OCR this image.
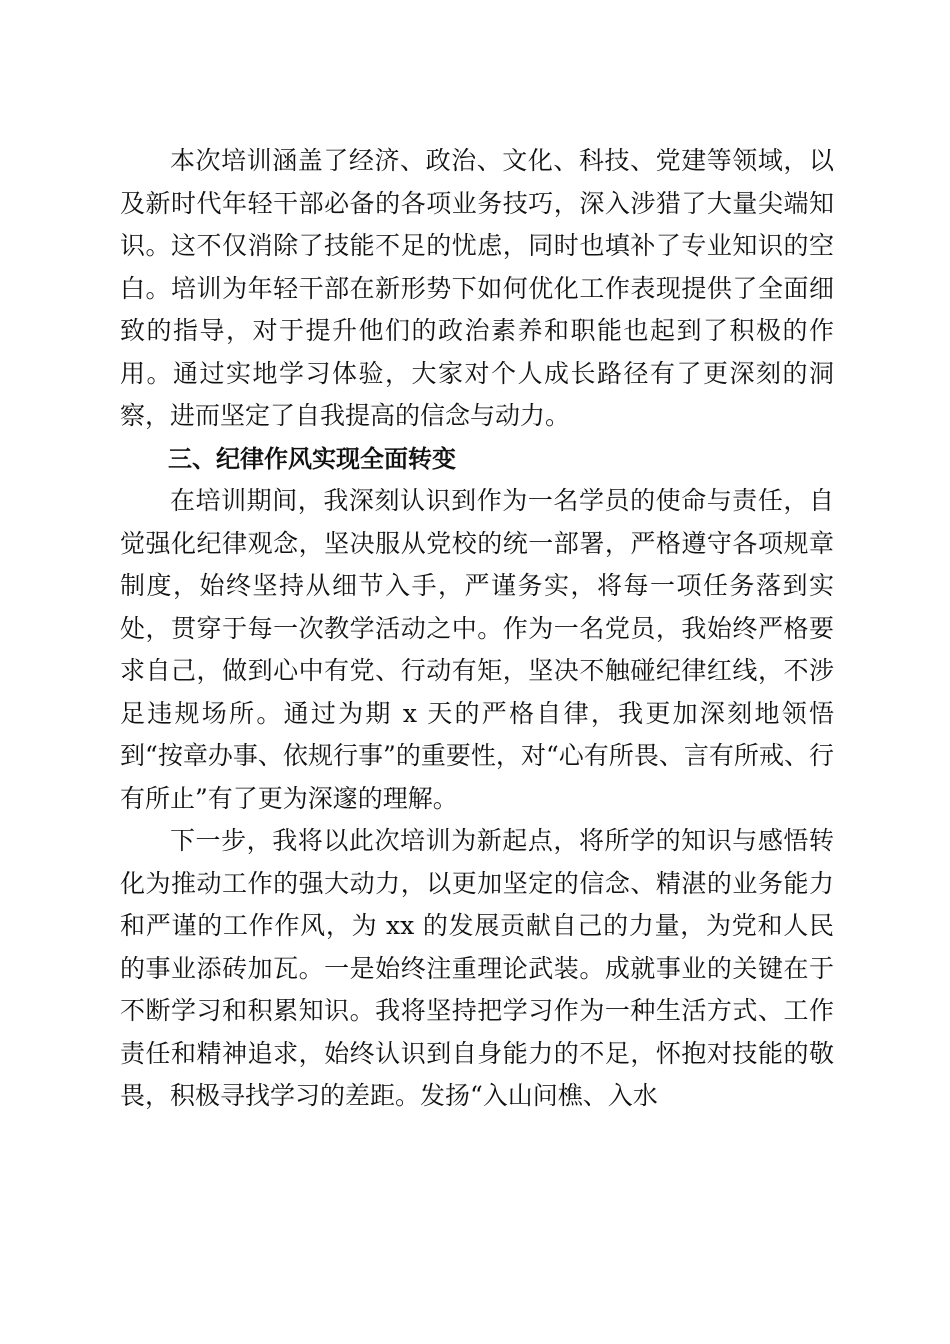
本次培训涵盖了经济、政治、文化、科技、党建等领域，以及新时代年轻干部必备的各项业务技巧，深入涉猎了大量尖端知识。这不仅消除了技能不足的忧虑，同时也填补了专业知识的空白。培训为年轻干部在新形势下如何优化工作表现提供了全面细致的指导，对于提升他们的政治素养和职能也起到了积极的作用。通过实地学习体验，大家对个人成长路径有了更深刻的洞察，进而坚定了自我提高的信念与动力。

三、纪律作风实现全面转变

在培训期间，我深刻认识到作为一名学员的使命与责任，自觉强化纪律观念，坚决服从党校的统一部署，严格遵守各项规章制度，始终坚持从细节入手，严谨务实，将每一项任务落到实处，贯穿于每一次教学活动之中。作为一名党员，我始终严格要求自己，做到心中有党、行动有矩，坚决不触碰纪律红线，不涉足违规场所。通过为期 x 天的严格自律，我更加深刻地领悟到“按章办事、依规行事”的重要性，对“心有所畏、言有所戒、行有所止”有了更为深邃的理解。

下一步，我将以此次培训为新起点，将所学的知识与感悟转化为推动工作的强大动力，以更加坚定的信念、精湛的业务能力和严谨的工作作风，为 xx 的发展贡献自己的力量，为党和人民的事业添砖加瓦。一是始终注重理论武装。成就事业的关键在于不断学习和积累知识。我将坚持把学习作为一种生活方式、工作责任和精神追求，始终认识到自身能力的不足，怀抱对技能的敬畏，积极寻找学习的差距。发扬“入山问樵、入水
